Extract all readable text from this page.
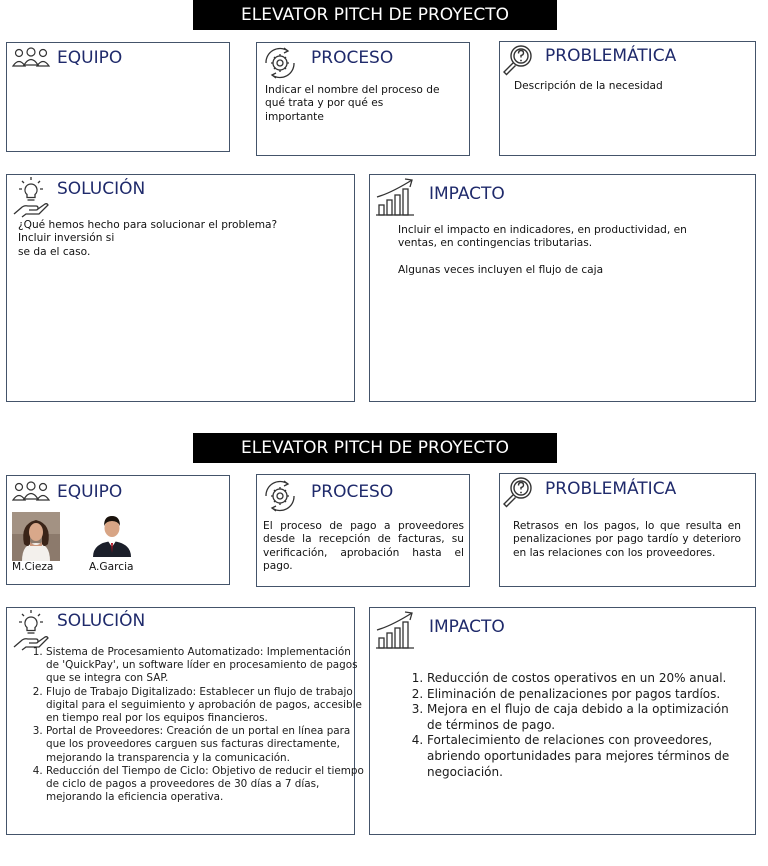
ELEVATOR PITCH DE PROYECTO
EQUIPO	PROCESO
Indicar el nombre del proceso de qué trata y por qué es importante
PROBLEMÁTICA
Descripción de la necesidad
SOLUCIÓN
¿Qué hemos hecho para solucionar el problema?
Incluir inversión si
se da el caso.
IMPACTO
Incluir el impacto en indicadores, en productividad, en ventas, en contingencias tributarias.
Algunas veces incluyen el flujo de caja
ELEVATOR PITCH DE PROYECTO
EQUIPO
M.Cieza	A.Garcia
PROCESO
El proceso de pago a proveedores desde la recepción de facturas, su verificación, aprobación hasta el pago.
PROBLEMÁTICA
Retrasos en los pagos, lo que resulta en penalizaciones por pago tardío y deterioro en las relaciones con los proveedores.
SOLUCIÓN
1. Sistema de Procesamiento Automatizado: Implementación de 'QuickPay', un software líder en procesamiento de pagos que se integra con SAP.
2. Flujo de Trabajo Digitalizado: Establecer un flujo de trabajo digital para el seguimiento y aprobación de pagos, accesible en tiempo real por los equipos financieros.
3. Portal de Proveedores: Creación de un portal en línea para que los proveedores carguen sus facturas directamente, mejorando la transparencia y la comunicación.
4. Reducción del Tiempo de Ciclo: Objetivo de reducir el tiempo de ciclo de pagos a proveedores de 30 días a 7 días, mejorando la eficiencia operativa.
IMPACTO
1. Reducción de costos operativos en un 20% anual.
2. Eliminación de penalizaciones por pagos tardíos.
3. Mejora en el flujo de caja debido a la optimización de términos de pago.
4. Fortalecimiento de relaciones con proveedores, abriendo oportunidades para mejores términos de negociación.
